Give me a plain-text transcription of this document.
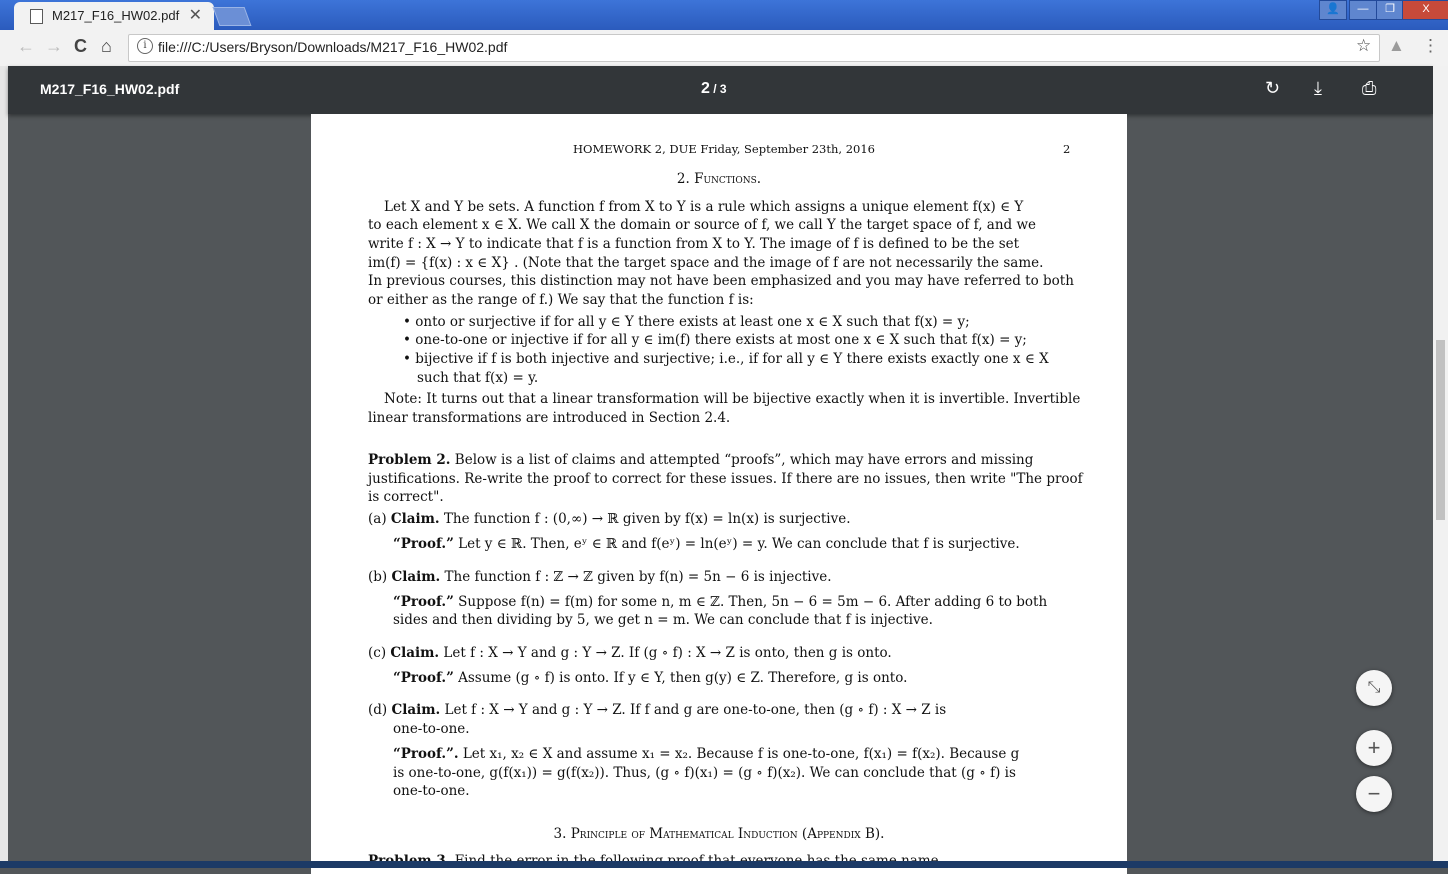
M217_F16_HW02.pdf ✕	👤	—	❐	X
← → C ⌂	i file:///C:/Users/Bryson/Downloads/M217_F16_HW02.pdf	☆ ▲ ⋮
M217_F16_HW02.pdf	2 / 3	↻ ⤓ ⎙
HOMEWORK 2, DUE Friday, September 23th, 2016	2
2. Functions.
Let X and Y be sets. A function f from X to Y is a rule which assigns a unique element f(x) ∈ Y
to each element x ∈ X. We call X the domain or source of f, we call Y the target space of f, and we
write f : X → Y to indicate that f is a function from X to Y. The image of f is defined to be the set
im(f) = {f(x) : x ∈ X} . (Note that the target space and the image of f are not necessarily the same.
In previous courses, this distinction may not have been emphasized and you may have referred to both
or either as the range of f.) We say that the function f is:
• onto or surjective if for all y ∈ Y there exists at least one x ∈ X such that f(x) = y;
• one-to-one or injective if for all y ∈ im(f) there exists at most one x ∈ X such that f(x) = y;
• bijective if f is both injective and surjective; i.e., if for all y ∈ Y there exists exactly one x ∈ X
such that f(x) = y.
Note: It turns out that a linear transformation will be bijective exactly when it is invertible. Invertible
linear transformations are introduced in Section 2.4.
Problem 2. Below is a list of claims and attempted “proofs”, which may have errors and missing
justifications. Re-write the proof to correct for these issues. If there are no issues, then write "The proof
is correct".
(a) Claim. The function f : (0,∞) → ℝ given by f(x) = ln(x) is surjective.
“Proof.” Let y ∈ ℝ. Then, eʸ ∈ ℝ and f(eʸ) = ln(eʸ) = y. We can conclude that f is surjective.
(b) Claim. The function f : ℤ → ℤ given by f(n) = 5n − 6 is injective.
“Proof.” Suppose f(n) = f(m) for some n, m ∈ ℤ. Then, 5n − 6 = 5m − 6. After adding 6 to both
sides and then dividing by 5, we get n = m. We can conclude that f is injective.
(c) Claim. Let f : X → Y and g : Y → Z. If (g ∘ f) : X → Z is onto, then g is onto.
“Proof.” Assume (g ∘ f) is onto. If y ∈ Y, then g(y) ∈ Z. Therefore, g is onto.
(d) Claim. Let f : X → Y and g : Y → Z. If f and g are one-to-one, then (g ∘ f) : X → Z is
one-to-one.
“Proof.”. Let x₁, x₂ ∈ X and assume x₁ = x₂. Because f is one-to-one, f(x₁) = f(x₂). Because g
is one-to-one, g(f(x₁)) = g(f(x₂)). Thus, (g ∘ f)(x₁) = (g ∘ f)(x₂). We can conclude that (g ∘ f) is
one-to-one.
3. Principle of Mathematical Induction (Appendix B).
⤡
+
−
